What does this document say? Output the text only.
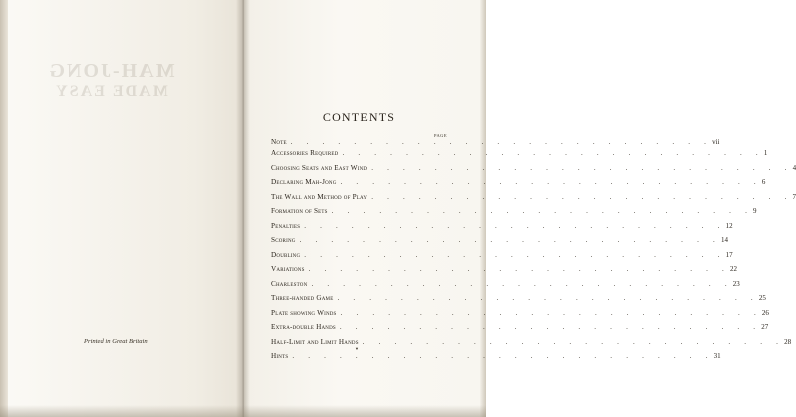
MAH-JONG
MADE EASY
Printed in Great Britain
CONTENTS
PAGE
Note . . . . . . . . . . . . . . . . . . . . . . . . . . . vii
Accessories Required . . . . . . . . . . . . . . . . . . . . . . . . . . . 1
Choosing Seats and East Wind . . . . . . . . . . . . . . . . . . . . . . . . . . . 4
Declaring Mah-Jong . . . . . . . . . . . . . . . . . . . . . . . . . . . 6
The Wall and Method of Play . . . . . . . . . . . . . . . . . . . . . . . . . . . 7
Formation of Sets . . . . . . . . . . . . . . . . . . . . . . . . . . . 9
Penalties . . . . . . . . . . . . . . . . . . . . . . . . . . . 12
Scoring . . . . . . . . . . . . . . . . . . . . . . . . . . . 14
Doubling . . . . . . . . . . . . . . . . . . . . . . . . . . . 17
Variations . . . . . . . . . . . . . . . . . . . . . . . . . . . 22
Charleston . . . . . . . . . . . . . . . . . . . . . . . . . . . 23
Three-handed Game . . . . . . . . . . . . . . . . . . . . . . . . . . . 25
Plate showing Winds . . . . . . . . . . . . . . . . . . . . . . . . . . . 26
Extra-double Hands . . . . . . . . . . . . . . . . . . . . . . . . . . . 27
Half-Limit and Limit Hands . . . . . . . . . . . . . . . . . . . . . . . . . . . 28
Hints . . . . . . . . . . . . . . . . . . . . . . . . . . . 31
▼
